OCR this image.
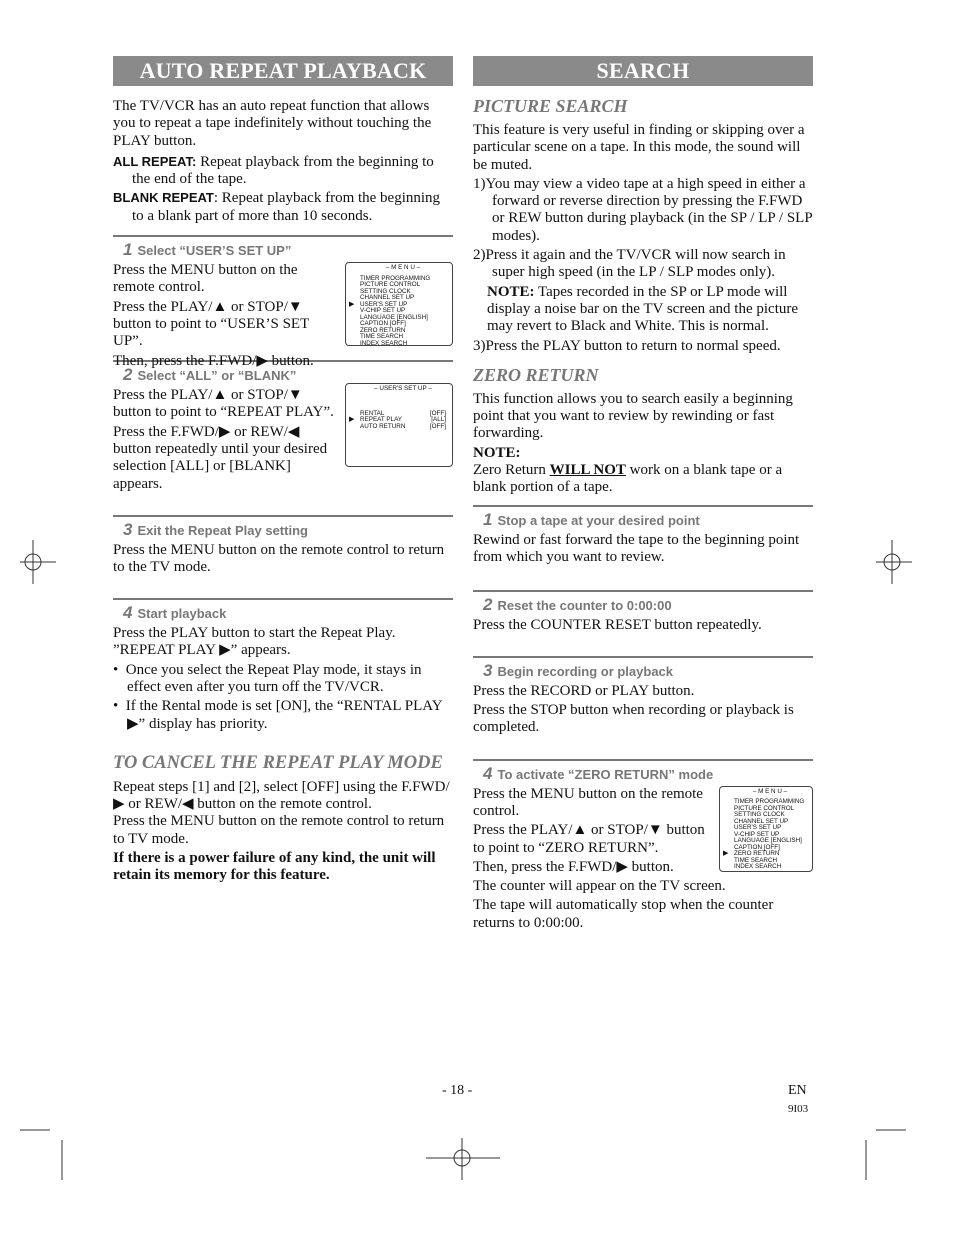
AUTO REPEAT PLAYBACK

The TV/VCR has an auto repeat function that allows you to repeat a tape indefinitely without touching the PLAY button.

ALL REPEAT: Repeat playback from the beginning to the end of the tape.

BLANK REPEAT: Repeat playback from the beginning to a blank part of more than 10 seconds.

1 Select “USER’S SET UP”
– M E N U –
TIMER PROGRAMMING
PICTURE CONTROL
SETTING CLOCK
CHANNEL SET UP
▶ USER'S SET UP
V-CHIP SET UP
LANGUAGE [ENGLISH]
CAPTION [OFF]
ZERO RETURN
TIME SEARCH
INDEX SEARCH

Press the MENU button on the remote control.

Press the PLAY/▲ or STOP/▼ button to point to “USER’S SET UP”.

Then, press the F.FWD/▶ button.

2 Select “ALL” or “BLANK”
– USER'S SET UP –
RENTAL	[OFF]
▶ REPEAT PLAY	[ALL]
AUTO RETURN	[OFF]

Press the PLAY/▲ or STOP/▼ button to point to “REPEAT PLAY”.

Press the F.FWD/▶ or REW/◀ button repeatedly until your desired selection [ALL] or [BLANK] appears.

3 Exit the Repeat Play setting

Press the MENU button on the remote control to return to the TV mode.

4 Start playback

Press the PLAY button to start the Repeat Play. ”REPEAT PLAY ▶” appears.

•  Once you select the Repeat Play mode, it stays in effect even after you turn off the TV/VCR.

•  If the Rental mode is set [ON], the “RENTAL PLAY ▶” display has priority.

TO CANCEL THE REPEAT PLAY MODE

Repeat steps [1] and [2], select [OFF] using the F.FWD/▶ or REW/◀ button on the remote control.

Press the MENU button on the remote control to return to TV mode.

If there is a power failure of any kind, the unit will retain its memory for this feature.

SEARCH
PICTURE SEARCH

This feature is very useful in finding or skipping over a particular scene on a tape. In this mode, the sound will be muted.

1)You may view a video tape at a high speed in either a forward or reverse direction by pressing the F.FWD or REW button during playback (in the SP / LP / SLP modes).

2)Press it again and the TV/VCR will now search in super high speed (in the LP / SLP modes only).

NOTE: Tapes recorded in the SP or LP mode will display a noise bar on the TV screen and the picture may revert to Black and White. This is normal.

3)Press the PLAY button to return to normal speed.

ZERO RETURN

This function allows you to search easily a beginning point that you want to review by rewinding or fast forwarding.

NOTE:

Zero Return WILL NOT work on a blank tape or a blank portion of a tape.

1 Stop a tape at your desired point

Rewind or fast forward the tape to the beginning point from which you want to review.

2 Reset the counter to 0:00:00

Press the COUNTER RESET button repeatedly.

3 Begin recording or playback

Press the RECORD or PLAY button.

Press the STOP button when recording or playback is completed.

4 To activate “ZERO RETURN” mode
– M E N U –
TIMER PROGRAMMING
PICTURE CONTROL
SETTING CLOCK
CHANNEL SET UP
USER'S SET UP
V-CHIP SET UP
LANGUAGE [ENGLISH]
CAPTION [OFF]
▶ ZERO RETURN
TIME SEARCH
INDEX SEARCH

Press the MENU button on the remote control.

Press the PLAY/▲ or STOP/▼ button to point to “ZERO RETURN”.

Then, press the F.FWD/▶ button.

The counter will appear on the TV screen.

The tape will automatically stop when the counter returns to 0:00:00.

- 18 -	EN
9I03
